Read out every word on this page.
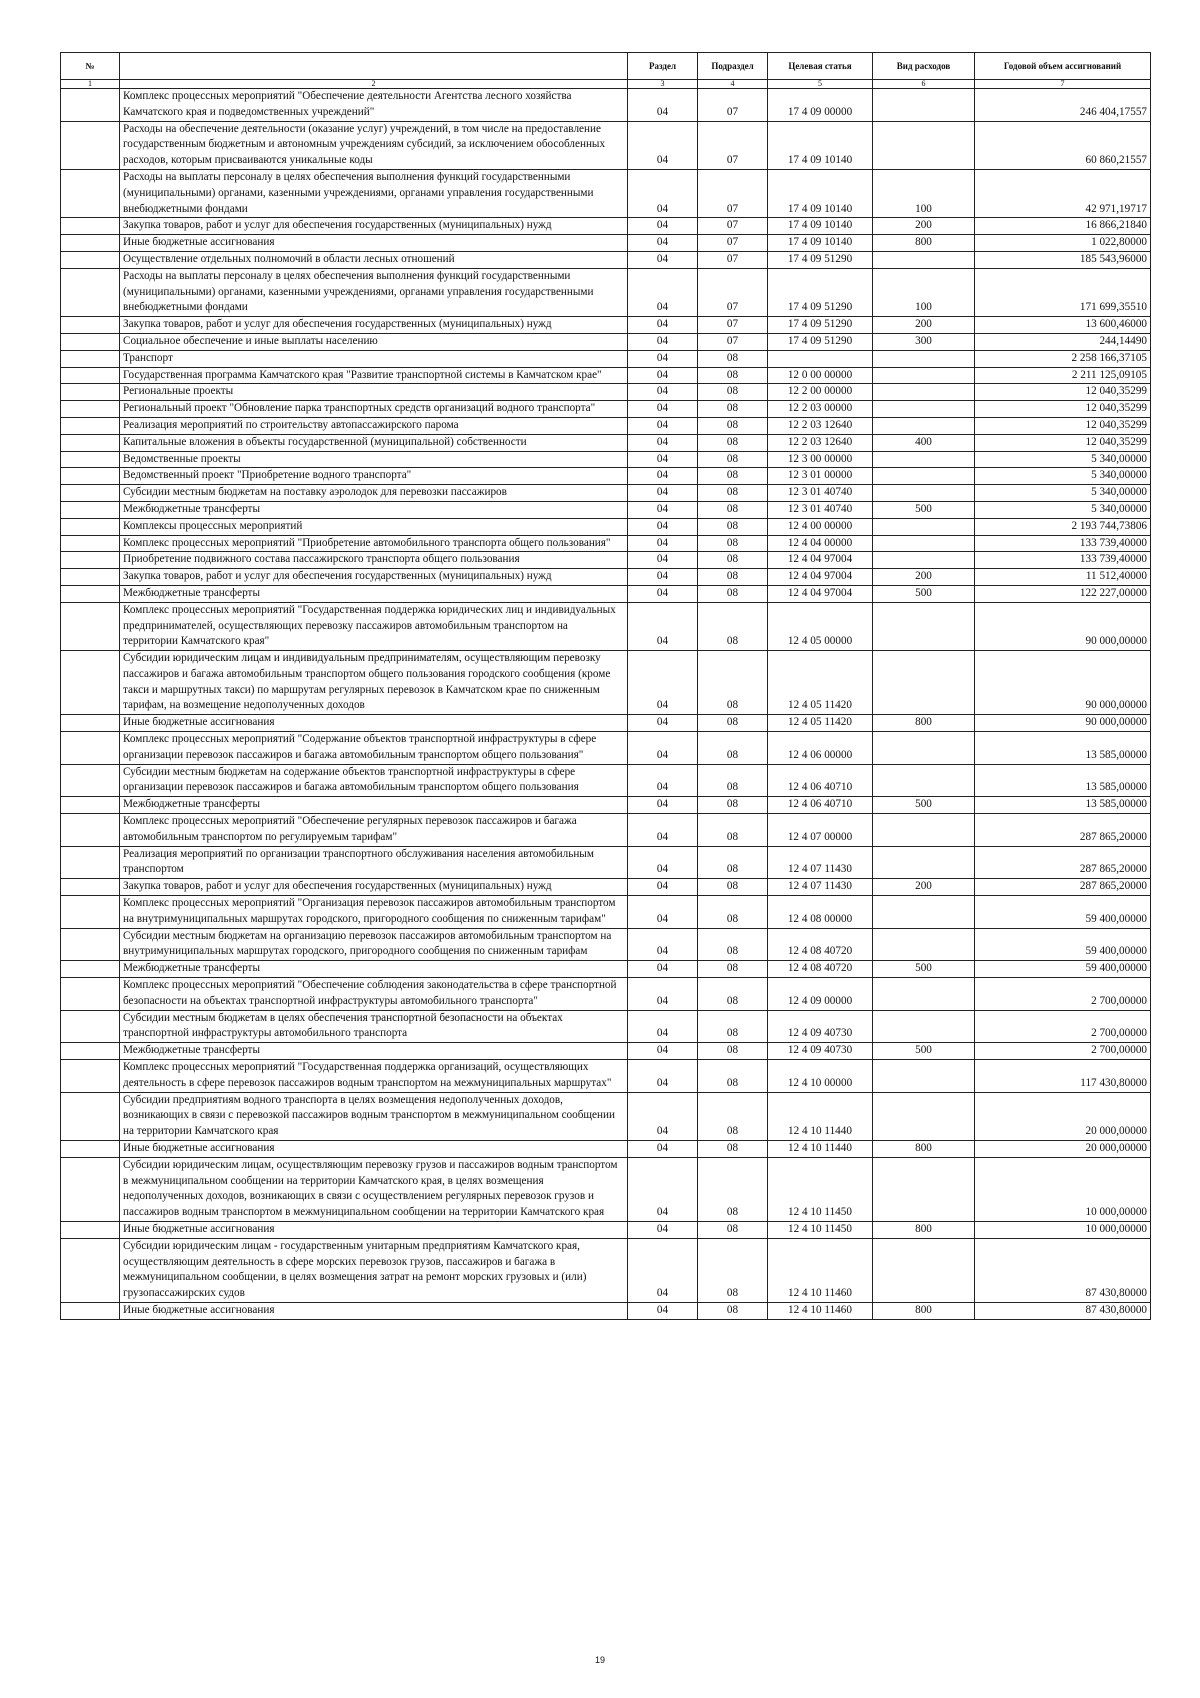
№		Раздел	Подраздел	Целевая статья	Вид расходов	Годовой объем ассигнований
1	2	3	4	5	6	7
	Комплекс процессных мероприятий "Обеспечение деятельности Агентства лесного хозяйства Камчатского края и подведомственных учреждений"	04	07	17 4 09 00000		246 404,17557
	Расходы на обеспечение деятельности (оказание услуг) учреждений, в том числе на предоставление государственным бюджетным и автономным учреждениям субсидий, за исключением обособленных расходов, которым присваиваются уникальные коды	04	07	17 4 09 10140		60 860,21557
	Расходы на выплаты персоналу в целях обеспечения выполнения функций государственными (муниципальными) органами, казенными учреждениями, органами управления государственными внебюджетными фондами	04	07	17 4 09 10140	100	42 971,19717
	Закупка товаров, работ и услуг для обеспечения государственных (муниципальных) нужд	04	07	17 4 09 10140	200	16 866,21840
	Иные бюджетные ассигнования	04	07	17 4 09 10140	800	1 022,80000
	Осуществление отдельных полномочий в области лесных отношений	04	07	17 4 09 51290		185 543,96000
	Расходы на выплаты персоналу в целях обеспечения выполнения функций государственными (муниципальными) органами, казенными учреждениями, органами управления государственными внебюджетными фондами	04	07	17 4 09 51290	100	171 699,35510
	Закупка товаров, работ и услуг для обеспечения государственных (муниципальных) нужд	04	07	17 4 09 51290	200	13 600,46000
	Социальное обеспечение и иные выплаты населению	04	07	17 4 09 51290	300	244,14490
	Транспорт	04	08			2 258 166,37105
	Государственная программа Камчатского края "Развитие транспортной системы в Камчатском крае"	04	08	12 0 00 00000		2 211 125,09105
	Региональные проекты	04	08	12 2 00 00000		12 040,35299
	Региональный проект "Обновление парка транспортных средств организаций водного транспорта"	04	08	12 2 03 00000		12 040,35299
	Реализация мероприятий по строительству автопассажирского парома	04	08	12 2 03 12640		12 040,35299
	Капитальные вложения в объекты государственной (муниципальной) собственности	04	08	12 2 03 12640	400	12 040,35299
	Ведомственные проекты	04	08	12 3 00 00000		5 340,00000
	Ведомственный проект "Приобретение водного транспорта"	04	08	12 3 01 00000		5 340,00000
	Субсидии местным бюджетам на поставку аэролодок для перевозки пассажиров	04	08	12 3 01 40740		5 340,00000
	Межбюджетные трансферты	04	08	12 3 01 40740	500	5 340,00000
	Комплексы процессных мероприятий	04	08	12 4 00 00000		2 193 744,73806
	Комплекс процессных мероприятий "Приобретение автомобильного транспорта общего пользования"	04	08	12 4 04 00000		133 739,40000
	Приобретение подвижного состава пассажирского транспорта общего пользования	04	08	12 4 04 97004		133 739,40000
	Закупка товаров, работ и услуг для обеспечения государственных (муниципальных) нужд	04	08	12 4 04 97004	200	11 512,40000
	Межбюджетные трансферты	04	08	12 4 04 97004	500	122 227,00000
	Комплекс процессных мероприятий "Государственная поддержка юридических лиц и индивидуальных предпринимателей, осуществляющих перевозку пассажиров автомобильным транспортом на территории Камчатского края"	04	08	12 4 05 00000		90 000,00000
	Субсидии юридическим лицам и индивидуальным предпринимателям, осуществляющим перевозку пассажиров и багажа автомобильным транспортом общего пользования городского сообщения (кроме такси и маршрутных такси) по маршрутам регулярных перевозок в Камчатском крае по сниженным тарифам, на возмещение недополученных доходов	04	08	12 4 05 11420		90 000,00000
	Иные бюджетные ассигнования	04	08	12 4 05 11420	800	90 000,00000
	Комплекс процессных мероприятий "Содержание объектов транспортной инфраструктуры в сфере организации перевозок пассажиров и багажа автомобильным транспортом общего пользования"	04	08	12 4 06 00000		13 585,00000
	Субсидии местным бюджетам на содержание объектов транспортной инфраструктуры в сфере организации перевозок пассажиров и багажа автомобильным транспортом общего пользования	04	08	12 4 06 40710		13 585,00000
	Межбюджетные трансферты	04	08	12 4 06 40710	500	13 585,00000
	Комплекс процессных мероприятий "Обеспечение регулярных перевозок пассажиров и багажа автомобильным транспортом по регулируемым тарифам"	04	08	12 4 07 00000		287 865,20000
	Реализация мероприятий по организации транспортного обслуживания населения автомобильным транспортом	04	08	12 4 07 11430		287 865,20000
	Закупка товаров, работ и услуг для обеспечения государственных (муниципальных) нужд	04	08	12 4 07 11430	200	287 865,20000
	Комплекс процессных мероприятий "Организация перевозок пассажиров автомобильным транспортом на внутримуниципальных маршрутах городского, пригородного сообщения по сниженным тарифам"	04	08	12 4 08 00000		59 400,00000
	Субсидии местным бюджетам на организацию перевозок пассажиров автомобильным транспортом на внутримуниципальных маршрутах городского, пригородного сообщения по сниженным тарифам	04	08	12 4 08 40720		59 400,00000
	Межбюджетные трансферты	04	08	12 4 08 40720	500	59 400,00000
	Комплекс процессных мероприятий "Обеспечение соблюдения законодательства в сфере транспортной безопасности на объектах транспортной инфраструктуры автомобильного транспорта"	04	08	12 4 09 00000		2 700,00000
	Субсидии местным бюджетам в целях обеспечения транспортной безопасности на объектах транспортной инфраструктуры автомобильного транспорта	04	08	12 4 09 40730		2 700,00000
	Межбюджетные трансферты	04	08	12 4 09 40730	500	2 700,00000
	Комплекс процессных мероприятий "Государственная поддержка организаций, осуществляющих деятельность в сфере перевозок пассажиров водным транспортом на межмуниципальных маршрутах"	04	08	12 4 10 00000		117 430,80000
	Субсидии предприятиям водного транспорта в целях возмещения недополученных доходов, возникающих в связи с перевозкой пассажиров водным транспортом в межмуниципальном сообщении на территории Камчатского края	04	08	12 4 10 11440		20 000,00000
	Иные бюджетные ассигнования	04	08	12 4 10 11440	800	20 000,00000
	Субсидии юридическим лицам, осуществляющим перевозку грузов и пассажиров водным транспортом в межмуниципальном сообщении на территории Камчатского края, в целях возмещения недополученных доходов, возникающих в связи с осуществлением регулярных перевозок грузов и пассажиров водным транспортом в межмуниципальном сообщении на территории Камчатского края	04	08	12 4 10 11450		10 000,00000
	Иные бюджетные ассигнования	04	08	12 4 10 11450	800	10 000,00000
	Субсидии юридическим лицам - государственным унитарным предприятиям Камчатского края, осуществляющим деятельность в сфере морских перевозок грузов, пассажиров и багажа в межмуниципальном сообщении, в целях возмещения затрат на ремонт морских грузовых и (или) грузопассажирских судов	04	08	12 4 10 11460		87 430,80000
	Иные бюджетные ассигнования	04	08	12 4 10 11460	800	87 430,80000
19
